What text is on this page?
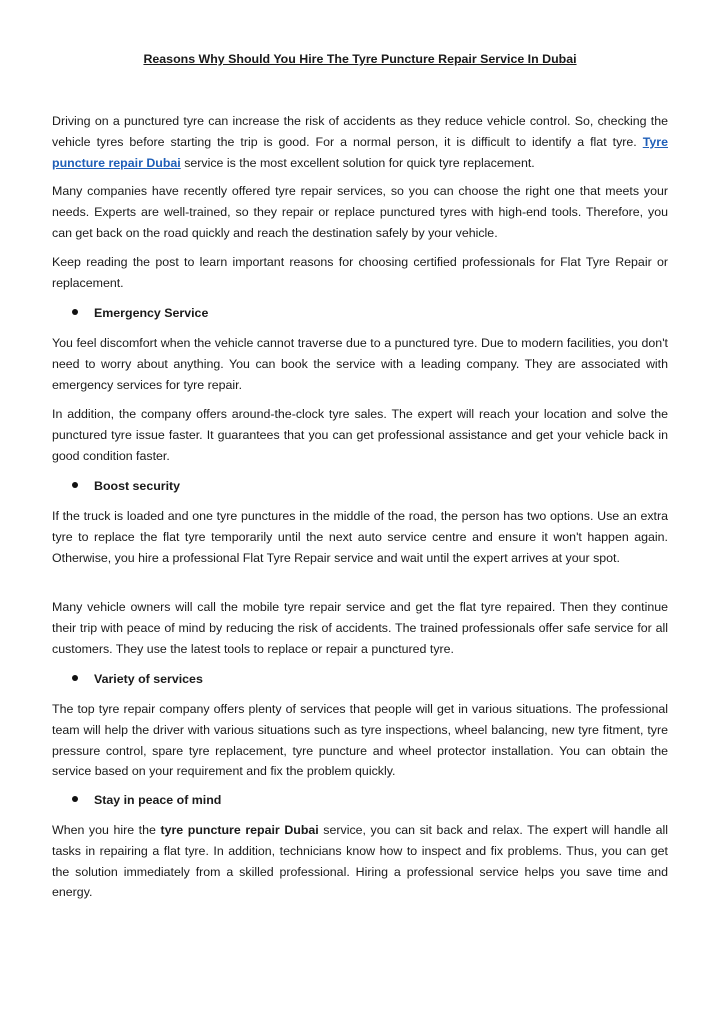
Reasons Why Should You Hire The Tyre Puncture Repair Service In Dubai

Driving on a punctured tyre can increase the risk of accidents as they reduce vehicle control. So, checking the vehicle tyres before starting the trip is good. For a normal person, it is difficult to identify a flat tyre. Tyre puncture repair Dubai service is the most excellent solution for quick tyre replacement.

Many companies have recently offered tyre repair services, so you can choose the right one that meets your needs. Experts are well-trained, so they repair or replace punctured tyres with high-end tools. Therefore, you can get back on the road quickly and reach the destination safely by your vehicle.

Keep reading the post to learn important reasons for choosing certified professionals for Flat Tyre Repair or replacement.

Emergency Service

You feel discomfort when the vehicle cannot traverse due to a punctured tyre. Due to modern facilities, you don't need to worry about anything. You can book the service with a leading company. They are associated with emergency services for tyre repair.

In addition, the company offers around-the-clock tyre sales. The expert will reach your location and solve the punctured tyre issue faster. It guarantees that you can get professional assistance and get your vehicle back in good condition faster.

Boost security

If the truck is loaded and one tyre punctures in the middle of the road, the person has two options. Use an extra tyre to replace the flat tyre temporarily until the next auto service centre and ensure it won't happen again. Otherwise, you hire a professional Flat Tyre Repair service and wait until the expert arrives at your spot.

Many vehicle owners will call the mobile tyre repair service and get the flat tyre repaired. Then they continue their trip with peace of mind by reducing the risk of accidents. The trained professionals offer safe service for all customers. They use the latest tools to replace or repair a punctured tyre.

Variety of services

The top tyre repair company offers plenty of services that people will get in various situations. The professional team will help the driver with various situations such as tyre inspections, wheel balancing, new tyre fitment, tyre pressure control, spare tyre replacement, tyre puncture and wheel protector installation. You can obtain the service based on your requirement and fix the problem quickly.

Stay in peace of mind

When you hire the tyre puncture repair Dubai service, you can sit back and relax. The expert will handle all tasks in repairing a flat tyre. In addition, technicians know how to inspect and fix problems. Thus, you can get the solution immediately from a skilled professional. Hiring a professional service helps you save time and energy.
